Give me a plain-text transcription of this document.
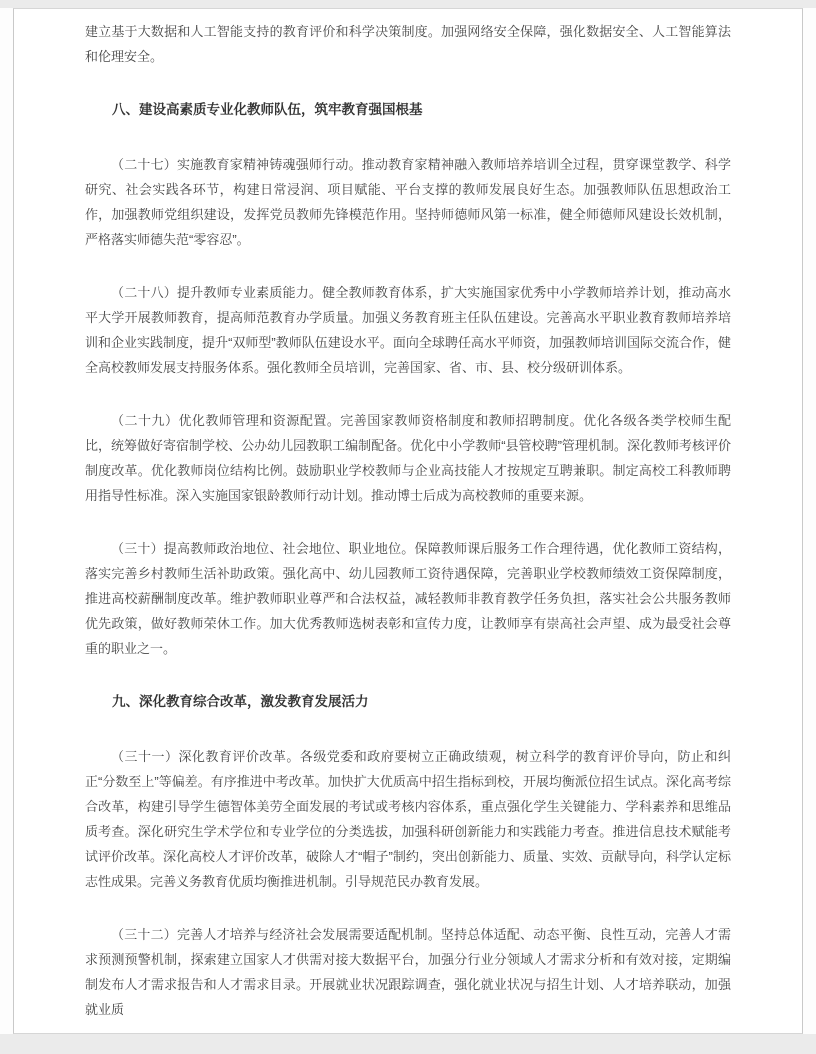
建立基于大数据和人工智能支持的教育评价和科学决策制度。加强网络安全保障，强化数据安全、人工智能算法和伦理安全。

八、建设高素质专业化教师队伍，筑牢教育强国根基

（二十七）实施教育家精神铸魂强师行动。推动教育家精神融入教师培养培训全过程，贯穿课堂教学、科学研究、社会实践各环节，构建日常浸润、项目赋能、平台支撑的教师发展良好生态。加强教师队伍思想政治工作，加强教师党组织建设，发挥党员教师先锋模范作用。坚持师德师风第一标准，健全师德师风建设长效机制，严格落实师德失范“零容忍”。

（二十八）提升教师专业素质能力。健全教师教育体系，扩大实施国家优秀中小学教师培养计划，推动高水平大学开展教师教育，提高师范教育办学质量。加强义务教育班主任队伍建设。完善高水平职业教育教师培养培训和企业实践制度，提升“双师型”教师队伍建设水平。面向全球聘任高水平师资，加强教师培训国际交流合作，健全高校教师发展支持服务体系。强化教师全员培训，完善国家、省、市、县、校分级研训体系。

（二十九）优化教师管理和资源配置。完善国家教师资格制度和教师招聘制度。优化各级各类学校师生配比，统筹做好寄宿制学校、公办幼儿园教职工编制配备。优化中小学教师“县管校聘”管理机制。深化教师考核评价制度改革。优化教师岗位结构比例。鼓励职业学校教师与企业高技能人才按规定互聘兼职。制定高校工科教师聘用指导性标准。深入实施国家银龄教师行动计划。推动博士后成为高校教师的重要来源。

（三十）提高教师政治地位、社会地位、职业地位。保障教师课后服务工作合理待遇，优化教师工资结构，落实完善乡村教师生活补助政策。强化高中、幼儿园教师工资待遇保障，完善职业学校教师绩效工资保障制度，推进高校薪酬制度改革。维护教师职业尊严和合法权益，减轻教师非教育教学任务负担，落实社会公共服务教师优先政策，做好教师荣休工作。加大优秀教师选树表彰和宣传力度，让教师享有崇高社会声望、成为最受社会尊重的职业之一。

九、深化教育综合改革，激发教育发展活力

（三十一）深化教育评价改革。各级党委和政府要树立正确政绩观，树立科学的教育评价导向，防止和纠正“分数至上”等偏差。有序推进中考改革。加快扩大优质高中招生指标到校，开展均衡派位招生试点。深化高考综合改革，构建引导学生德智体美劳全面发展的考试或考核内容体系，重点强化学生关键能力、学科素养和思维品质考查。深化研究生学术学位和专业学位的分类选拔，加强科研创新能力和实践能力考查。推进信息技术赋能考试评价改革。深化高校人才评价改革，破除人才“帽子”制约，突出创新能力、质量、实效、贡献导向，科学认定标志性成果。完善义务教育优质均衡推进机制。引导规范民办教育发展。

（三十二）完善人才培养与经济社会发展需要适配机制。坚持总体适配、动态平衡、良性互动，完善人才需求预测预警机制，探索建立国家人才供需对接大数据平台，加强分行业分领域人才需求分析和有效对接，定期编制发布人才需求报告和人才需求目录。开展就业状况跟踪调查，强化就业状况与招生计划、人才培养联动，加强就业质
